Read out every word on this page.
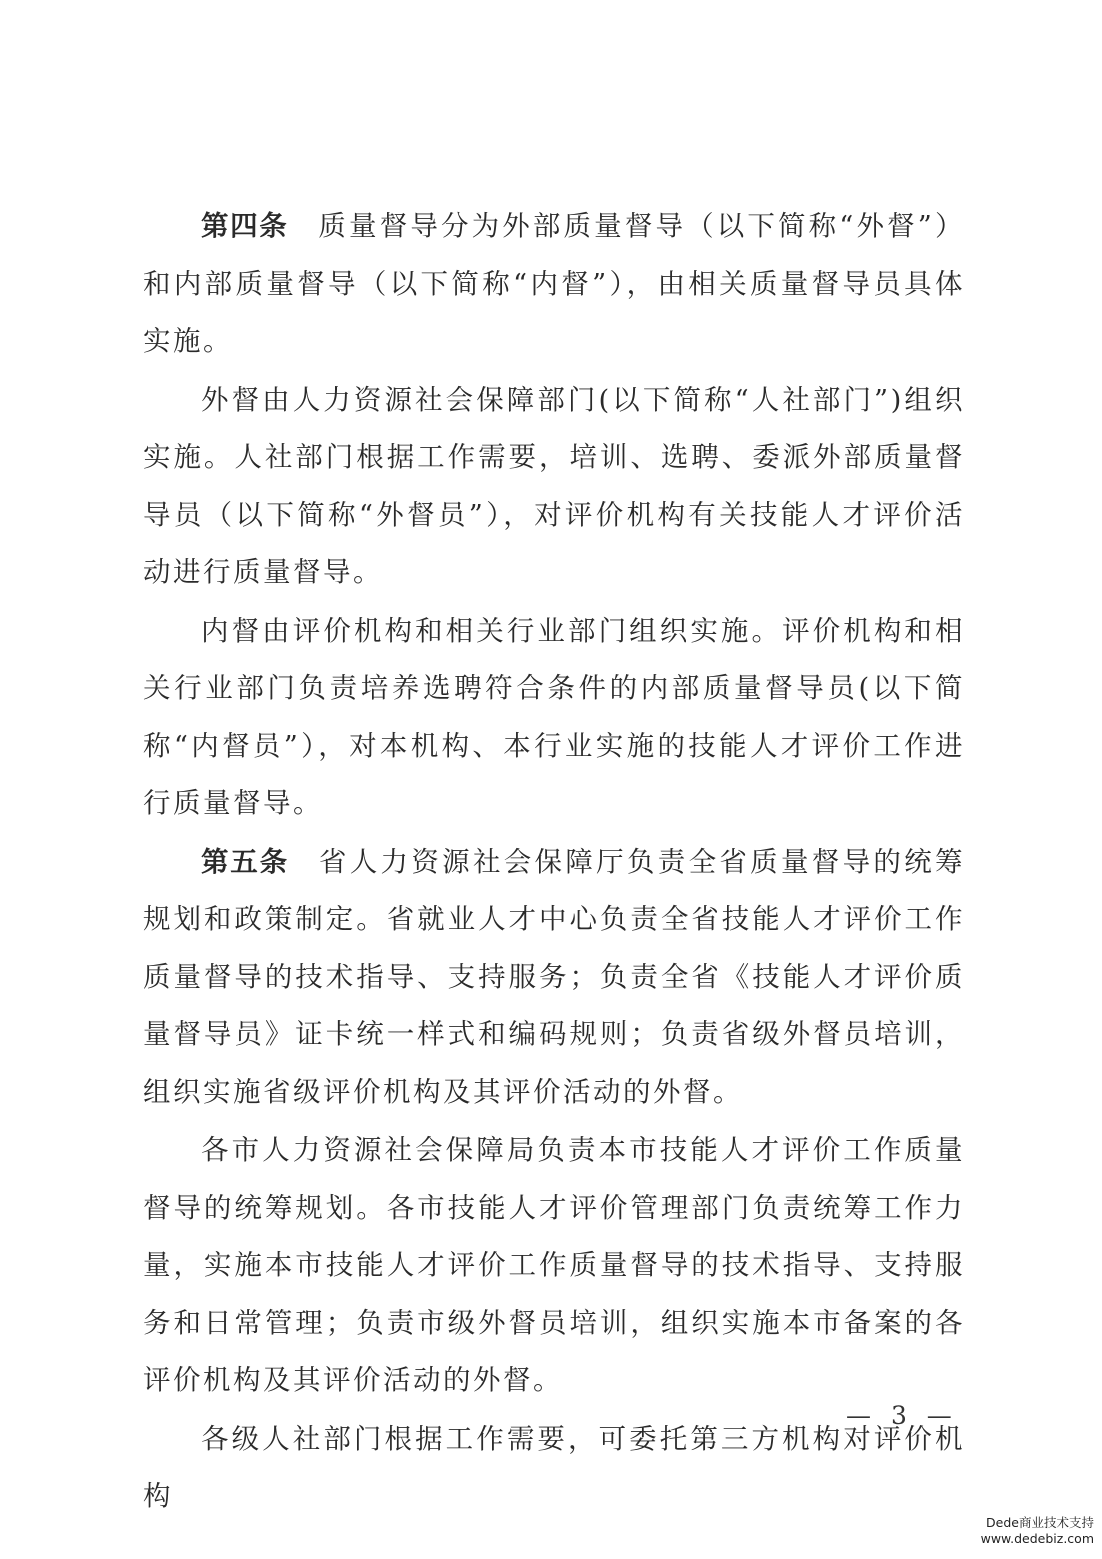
第四条 质量督导分为外部质量督导（以下简称“外督”）和内部质量督导（以下简称“内督”），由相关质量督导员具体实施。

外督由人力资源社会保障部门(以下简称“人社部门”)组织实施。人社部门根据工作需要，培训、选聘、委派外部质量督导员（以下简称“外督员”），对评价机构有关技能人才评价活动进行质量督导。

内督由评价机构和相关行业部门组织实施。评价机构和相关行业部门负责培养选聘符合条件的内部质量督导员(以下简称“内督员”），对本机构、本行业实施的技能人才评价工作进行质量督导。

第五条 省人力资源社会保障厅负责全省质量督导的统筹规划和政策制定。省就业人才中心负责全省技能人才评价工作质量督导的技术指导、支持服务；负责全省《技能人才评价质量督导员》证卡统一样式和编码规则；负责省级外督员培训，组织实施省级评价机构及其评价活动的外督。

各市人力资源社会保障局负责本市技能人才评价工作质量督导的统筹规划。各市技能人才评价管理部门负责统筹工作力量，实施本市技能人才评价工作质量督导的技术指导、支持服务和日常管理；负责市级外督员培训，组织实施本市备案的各评价机构及其评价活动的外督。

各级人社部门根据工作需要，可委托第三方机构对评价机构

— 3 —
Dede商业技术支持
www.dedebiz.com
